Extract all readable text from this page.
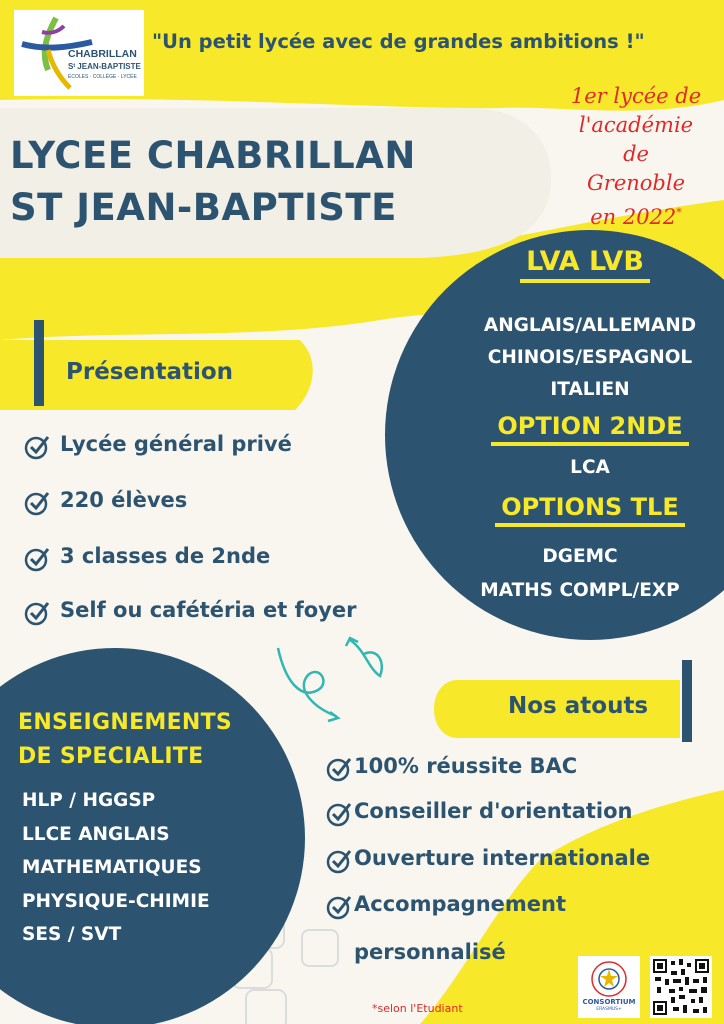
CHABRILLAN
Sᵗ JEAN-BAPTISTE
ÉCOLES · COLLÈGE · LYCÉE
"Un petit lycée avec de grandes ambitions !"
LYCEE CHABRILLAN
ST JEAN-BAPTISTE
1er lycée de
l'académie de
Grenoble
en 2022*
LVA LVB
ANGLAIS/ALLEMAND
CHINOIS/ESPAGNOL
ITALIEN
OPTION 2NDE
LCA
OPTIONS TLE
DGEMC
MATHS COMPL/EXP
Présentation
Lycée général privé
220 élèves
3 classes de 2nde
Self ou cafétéria et foyer
ENSEIGNEMENTS
DE SPECIALITE
HLP / HGGSP
LLCE ANGLAIS
MATHEMATIQUES
PHYSIQUE-CHIMIE
SES / SVT
Nos atouts
100% réussite BAC
Conseiller d'orientation
Ouverture internationale
Accompagnement
personnalisé
*selon l'Etudiant	CONSORTIUM
ERASMUS+
